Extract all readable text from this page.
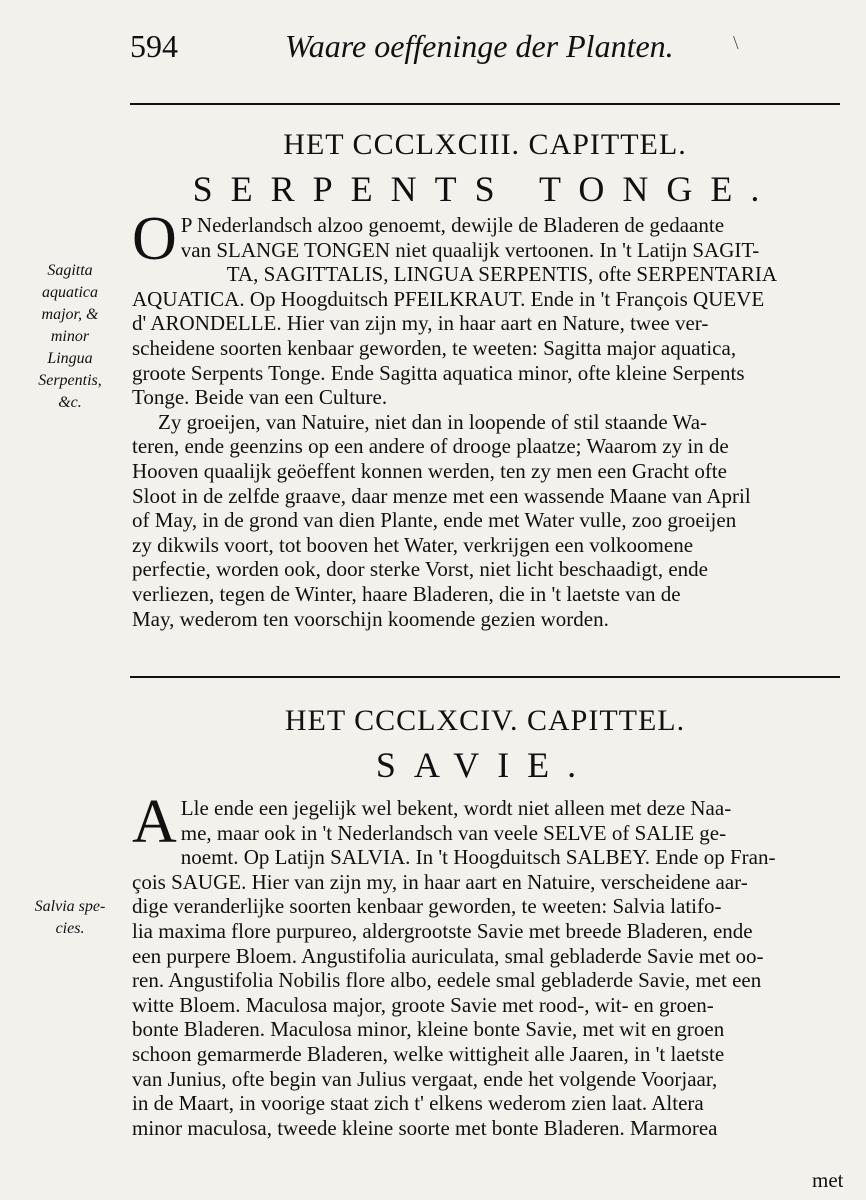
594	Waare oeffeninge der Planten.	\
HET CCCLXCIII. CAPITTEL.
SERPENTS TONGE.
Sagitta
aquatica
major, &
minor
Lingua
Serpentis,
&c.
O P Nederlandsch alzoo genoemt, dewijle de Bladeren de gedaante
van SLANGE TONGEN niet quaalijk vertoonen. In 't Latijn SAGIT-
TA, SAGITTALIS, LINGUA SERPENTIS, ofte SERPENTARIA
AQUATICA. Op Hoogduitsch PFEILKRAUT. Ende in 't François QUEVE
d' ARONDELLE. Hier van zijn my, in haar aart en Nature, twee ver-
scheidene soorten kenbaar geworden, te weeten: Sagitta major aquatica,
groote Serpents Tonge. Ende Sagitta aquatica minor, ofte kleine Serpents
Tonge. Beide van een Culture.
Zy groeijen, van Natuire, niet dan in loopende of stil staande Wa-
teren, ende geenzins op een andere of drooge plaatze; Waarom zy in de
Hooven quaalijk geöeffent konnen werden, ten zy men een Gracht ofte
Sloot in de zelfde graave, daar menze met een wassende Maane van April
of May, in de grond van dien Plante, ende met Water vulle, zoo groeijen
zy dikwils voort, tot booven het Water, verkrijgen een volkoomene
perfectie, worden ook, door sterke Vorst, niet licht beschaadigt, ende
verliezen, tegen de Winter, haare Bladeren, die in 't laetste van de
May, wederom ten voorschijn koomende gezien worden.
HET CCCLXCIV. CAPITTEL.
SAVIE.
Salvia spe-
cies.
A Lle ende een jegelijk wel bekent, wordt niet alleen met deze Naa-
me, maar ook in 't Nederlandsch van veele SELVE of SALIE ge-
noemt. Op Latijn SALVIA. In 't Hoogduitsch SALBEY. Ende op Fran-
çois SAUGE. Hier van zijn my, in haar aart en Natuire, verscheidene aar-
dige veranderlijke soorten kenbaar geworden, te weeten: Salvia latifo-
lia maxima flore purpureo, aldergrootste Savie met breede Bladeren, ende
een purpere Bloem. Angustifolia auriculata, smal gebladerde Savie met oo-
ren. Angustifolia Nobilis flore albo, eedele smal gebladerde Savie, met een
witte Bloem. Maculosa major, groote Savie met rood-, wit- en groen-
bonte Bladeren. Maculosa minor, kleine bonte Savie, met wit en groen
schoon gemarmerde Bladeren, welke wittigheit alle Jaaren, in 't laetste
van Junius, ofte begin van Julius vergaat, ende het volgende Voorjaar,
in de Maart, in voorige staat zich t' elkens wederom zien laat. Altera
minor maculosa, tweede kleine soorte met bonte Bladeren. Marmorea
met
